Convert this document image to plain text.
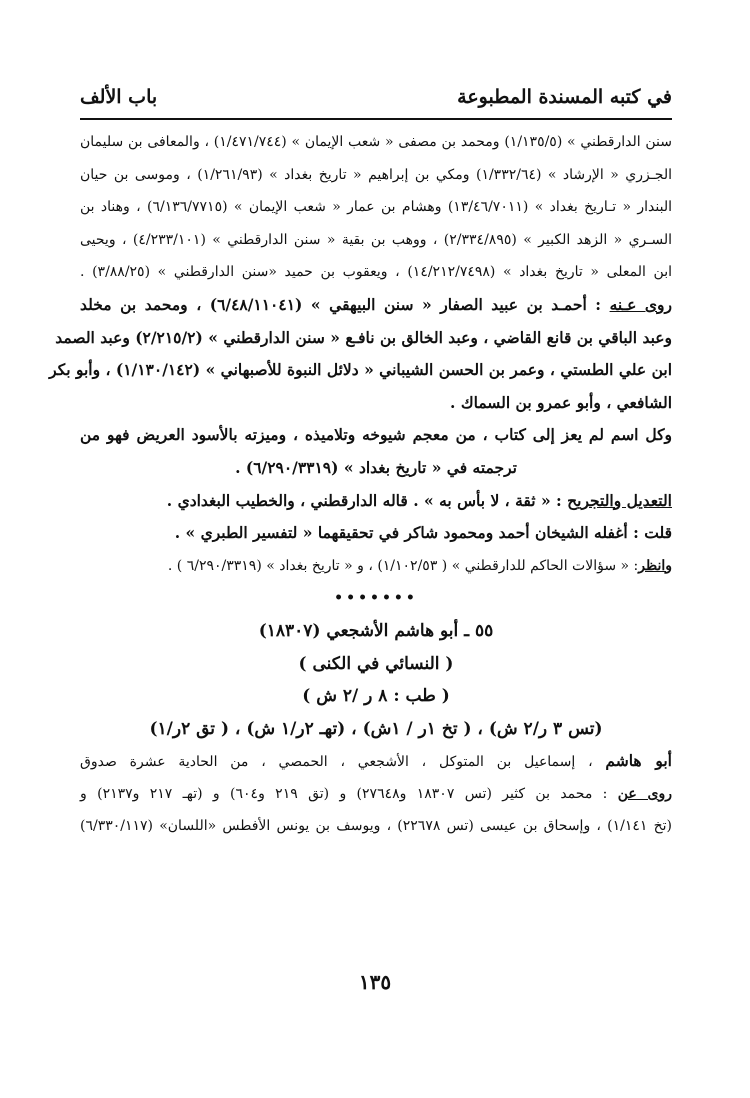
في كتبه المسندة المطبوعة
باب الألف
سنن الدارقطني » (١/١٣٥/٥) ومحمد بن مصفى « شعب الإيمان » (١/٤٧١/٧٤٤) ، والمعافى بن سليمان
الجـزري « الإرشاد » (١/٣٣٢/٦٤) ومكي بن إبراهيم « تاريخ بغداد » (١/٢٦١/٩٣) ، وموسى بن حيان
البندار « تـاريخ بغداد » (١٣/٤٦/٧٠١١) وهشام بن عمار « شعب الإيمان » (٦/١٣٦/٧٧١٥) ، وهناد بن
السـري « الزهد الكبير » (٢/٣٣٤/٨٩٥) ، ووهب بن بقية « سنن الدارقطني » (٤/٢٣٣/١٠١) ، ويحيى
ابن المعلى « تاريخ بغداد » (١٤/٢١٢/٧٤٩٨) ، ويعقوب بن حميد «سنن الدارقطني » (٣/٨٨/٢٥) .
روى عـنه : أحمـد بن عبيد الصفار « سنن البيهقي » (٦/٤٨/١١٠٤١) ، ومحمد بن مخلد
وعبد الباقي بن قانع القاضي ، وعبد الخالق بن نافـع « سنن الدارقطني » (٢/٢١٥/٢) وعبد الصمد
ابن علي الطستي ، وعمر بن الحسن الشيباني « دلائل النبوة للأصبهاني » (١/١٣٠/١٤٢) ، وأبو بكر
الشافعي ، وأبو عمرو بن السماك .
وكل اسم لم يعز إلى كتاب ، من معجم شيوخه وتلاميذه ، وميزته بالأسود العريض فهو من
ترجمته في « تاريخ بغداد » (٦/٢٩٠/٣٣١٩) .
التعديل والتجريح : « ثقة ، لا بأس به » . قاله الدارقطني ، والخطيب البغدادي .
قلت : أغفله الشيخان أحمد ومحمود شاكر في تحقيقهما « لتفسير الطبري » .
وانظر: « سؤالات الحاكم للدارقطني » ( ١/١٠٢/٥٣) ، و « تاريخ بغداد » (٦/٢٩٠/٣٣١٩ ) .
•••••••
٥٥ ـ أبو هاشم الأشجعي (١٨٣٠٧)
( النسائي في الكنى )
( طب : ٨ ر /٢ ش )
(تس ٣ ر/٢ ش) ، ( تخ ١ر / ١ش) ، (تهـ ٢ر/١ ش) ، ( تق ٢ر/١)
أبو هاشم ، إسماعيل بن المتوكل ، الأشجعي ، الحمصي ، من الحادية عشرة صدوق
روى عن : محمد بن كثير (تس ١٨٣٠٧ و٢٧٦٤٨) و (تق ٢١٩ و٦٠٤) و (تهـ ٢١٧ و٢١٣٧) و
(تخ ١/١٤١) ، وإسحاق بن عيسى (تس ٢٢٦٧٨) ، ويوسف بن يونس الأفطس «اللسان» (٦/٣٣٠/١١٧)
١٣٥
